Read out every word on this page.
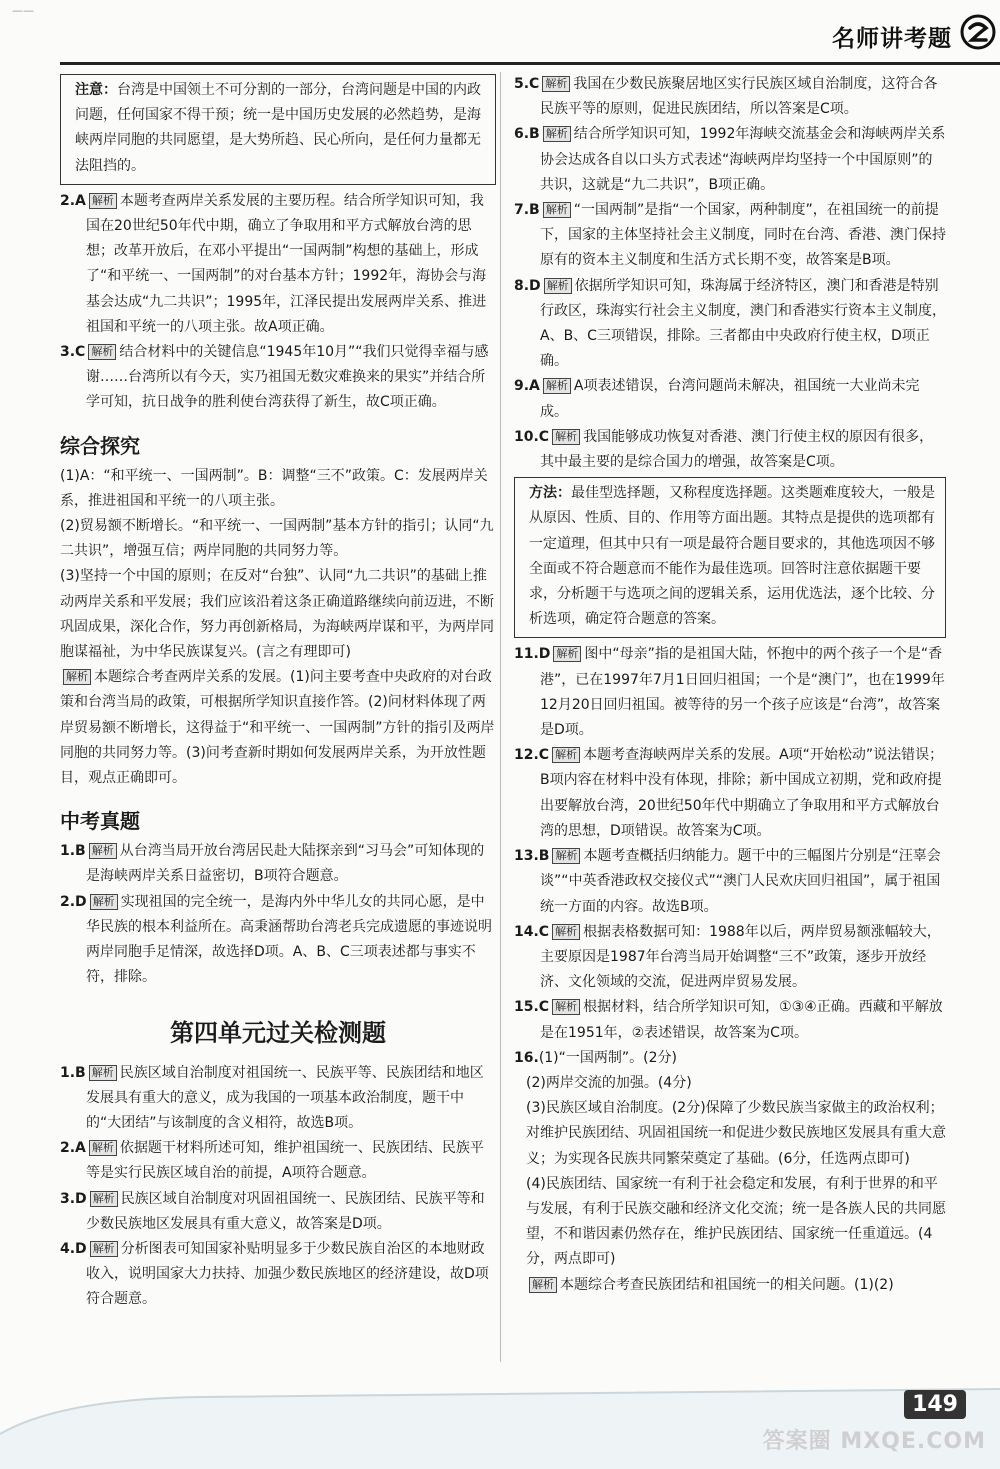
——
名师讲考题
注意：台湾是中国领土不可分割的一部分，台湾问题是中国的内政问题，任何国家不得干预；统一是中国历史发展的必然趋势，是海峡两岸同胞的共同愿望，是大势所趋、民心所向，是任何力量都无法阻挡的。
2.A 解析 本题考查两岸关系发展的主要历程。结合所学知识可知，我国在20世纪50年代中期，确立了争取用和平方式解放台湾的思想；改革开放后，在邓小平提出“一国两制”构想的基础上，形成了“和平统一、一国两制”的对台基本方针；1992年，海协会与海基会达成“九二共识”；1995年，江泽民提出发展两岸关系、推进祖国和平统一的八项主张。故A项正确。
3.C 解析 结合材料中的关键信息“1945年10月”“我们只觉得幸福与感谢……台湾所以有今天，实乃祖国无数灾难换来的果实”并结合所学可知，抗日战争的胜利使台湾获得了新生，故C项正确。
综合探究
(1)A：“和平统一、一国两制”。B：调整“三不”政策。C：发展两岸关系，推进祖国和平统一的八项主张。
(2)贸易额不断增长。“和平统一、一国两制”基本方针的指引；认同“九二共识”，增强互信；两岸同胞的共同努力等。
(3)坚持一个中国的原则；在反对“台独”、认同“九二共识”的基础上推动两岸关系和平发展；我们应该沿着这条正确道路继续向前迈进，不断巩固成果，深化合作，努力再创新格局，为海峡两岸谋和平，为两岸同胞谋福祉，为中华民族谋复兴。(言之有理即可)
解析 本题综合考查两岸关系的发展。(1)问主要考查中央政府的对台政策和台湾当局的政策，可根据所学知识直接作答。(2)问材料体现了两岸贸易额不断增长，这得益于“和平统一、一国两制”方针的指引及两岸同胞的共同努力等。(3)问考查新时期如何发展两岸关系，为开放性题目，观点正确即可。
中考真题
1.B 解析 从台湾当局开放台湾居民赴大陆探亲到“习马会”可知体现的是海峡两岸关系日益密切，B项符合题意。
2.D 解析 实现祖国的完全统一，是海内外中华儿女的共同心愿，是中华民族的根本利益所在。高秉涵帮助台湾老兵完成遗愿的事迹说明两岸同胞手足情深，故选择D项。A、B、C三项表述都与事实不符，排除。
第四单元过关检测题
1.B 解析 民族区域自治制度对祖国统一、民族平等、民族团结和地区发展具有重大的意义，成为我国的一项基本政治制度，题干中的“大团结”与该制度的含义相符，故选B项。
2.A 解析 依据题干材料所述可知，维护祖国统一、民族团结、民族平等是实行民族区域自治的前提，A项符合题意。
3.D 解析 民族区域自治制度对巩固祖国统一、民族团结、民族平等和少数民族地区发展具有重大意义，故答案是D项。
4.D 解析 分析图表可知国家补贴明显多于少数民族自治区的本地财政收入，说明国家大力扶持、加强少数民族地区的经济建设，故D项符合题意。
5.C 解析 我国在少数民族聚居地区实行民族区域自治制度，这符合各民族平等的原则，促进民族团结，所以答案是C项。
6.B 解析 结合所学知识可知，1992年海峡交流基金会和海峡两岸关系协会达成各自以口头方式表述“海峡两岸均坚持一个中国原则”的共识，这就是“九二共识”，B项正确。
7.B 解析 “一国两制”是指“一个国家，两种制度”，在祖国统一的前提下，国家的主体坚持社会主义制度，同时在台湾、香港、澳门保持原有的资本主义制度和生活方式长期不变，故答案是B项。
8.D 解析 依据所学知识可知，珠海属于经济特区，澳门和香港是特别行政区，珠海实行社会主义制度，澳门和香港实行资本主义制度，A、B、C三项错误，排除。三者都由中央政府行使主权，D项正确。
9.A 解析 A项表述错误，台湾问题尚未解决，祖国统一大业尚未完成。
10.C 解析 我国能够成功恢复对香港、澳门行使主权的原因有很多，其中最主要的是综合国力的增强，故答案是C项。
方法：最佳型选择题，又称程度选择题。这类题难度较大，一般是从原因、性质、目的、作用等方面出题。其特点是提供的选项都有一定道理，但其中只有一项是最符合题目要求的，其他选项因不够全面或不符合题意而不能作为最佳选项。回答时注意依据题干要求，分析题干与选项之间的逻辑关系，运用优选法，逐个比较、分析选项，确定符合题意的答案。
11.D 解析 图中“母亲”指的是祖国大陆，怀抱中的两个孩子一个是“香港”，已在1997年7月1日回归祖国；一个是“澳门”，也在1999年12月20日回归祖国。被等待的另一个孩子应该是“台湾”，故答案是D项。
12.C 解析 本题考查海峡两岸关系的发展。A项“开始松动”说法错误；B项内容在材料中没有体现，排除；新中国成立初期，党和政府提出要解放台湾，20世纪50年代中期确立了争取用和平方式解放台湾的思想，D项错误。故答案为C项。
13.B 解析 本题考查概括归纳能力。题干中的三幅图片分别是“汪辜会谈”“中英香港政权交接仪式”“澳门人民欢庆回归祖国”，属于祖国统一方面的内容。故选B项。
14.C 解析 根据表格数据可知：1988年以后，两岸贸易额涨幅较大，主要原因是1987年台湾当局开始调整“三不”政策，逐步开放经济、文化领域的交流，促进两岸贸易发展。
15.C 解析 根据材料，结合所学知识可知，①③④正确。西藏和平解放是在1951年，②表述错误，故答案为C项。
16.(1)“一国两制”。(2分)
(2)两岸交流的加强。(4分)
(3)民族区域自治制度。(2分)保障了少数民族当家做主的政治权利；对维护民族团结、巩固祖国统一和促进少数民族地区发展具有重大意义；为实现各民族共同繁荣奠定了基础。(6分，任选两点即可)
(4)民族团结、国家统一有利于社会稳定和发展，有利于世界的和平与发展，有利于民族交融和经济文化交流；统一是各族人民的共同愿望，不和谐因素仍然存在，维护民族团结、国家统一任重道远。(4分，两点即可)
解析 本题综合考查民族团结和祖国统一的相关问题。(1)(2)
149
答案圈 MXQE.COM
